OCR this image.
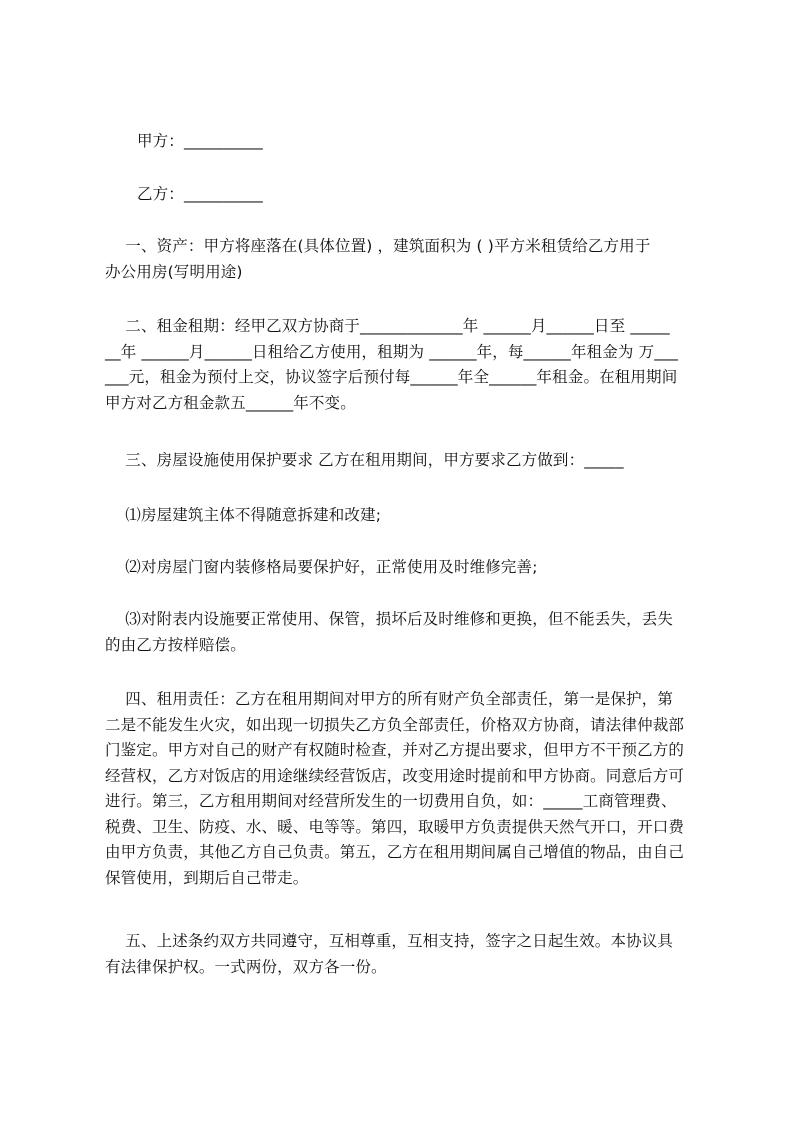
甲方：__________
乙方：__________
一、资产：甲方将座落在(具体位置) ，建筑面积为 ( )平方米租赁给乙方用于
办公用房(写明用途)
二、租金租期：经甲乙双方协商于_____________年 ______月______日至 _____
__年 ______月______日租给乙方使用，租期为 ______年，每______年租金为 万___
___元，租金为预付上交，协议签字后预付每______年全______年租金。在租用期间
甲方对乙方租金款五______年不变。
三、房屋设施使用保护要求 乙方在租用期间，甲方要求乙方做到：_____
⑴房屋建筑主体不得随意拆建和改建;
⑵对房屋门窗内装修格局要保护好，正常使用及时维修完善;
⑶对附表内设施要正常使用、保管，损坏后及时维修和更换，但不能丢失，丢失
的由乙方按样赔偿。
四、租用责任：乙方在租用期间对甲方的所有财产负全部责任，第一是保护，第
二是不能发生火灾，如出现一切损失乙方负全部责任，价格双方协商，请法律仲裁部
门鉴定。甲方对自己的财产有权随时检查，并对乙方提出要求，但甲方不干预乙方的
经营权，乙方对饭店的用途继续经营饭店，改变用途时提前和甲方协商。同意后方可
进行。第三，乙方租用期间对经营所发生的一切费用自负，如：_____工商管理费、
税费、卫生、防疫、水、暖、电等等。第四，取暖甲方负责提供天然气开口，开口费
由甲方负责，其他乙方自己负责。第五，乙方在租用期间属自己增值的物品，由自己
保管使用，到期后自己带走。
五、上述条约双方共同遵守，互相尊重，互相支持，签字之日起生效。本协议具
有法律保护权。一式两份，双方各一份。
